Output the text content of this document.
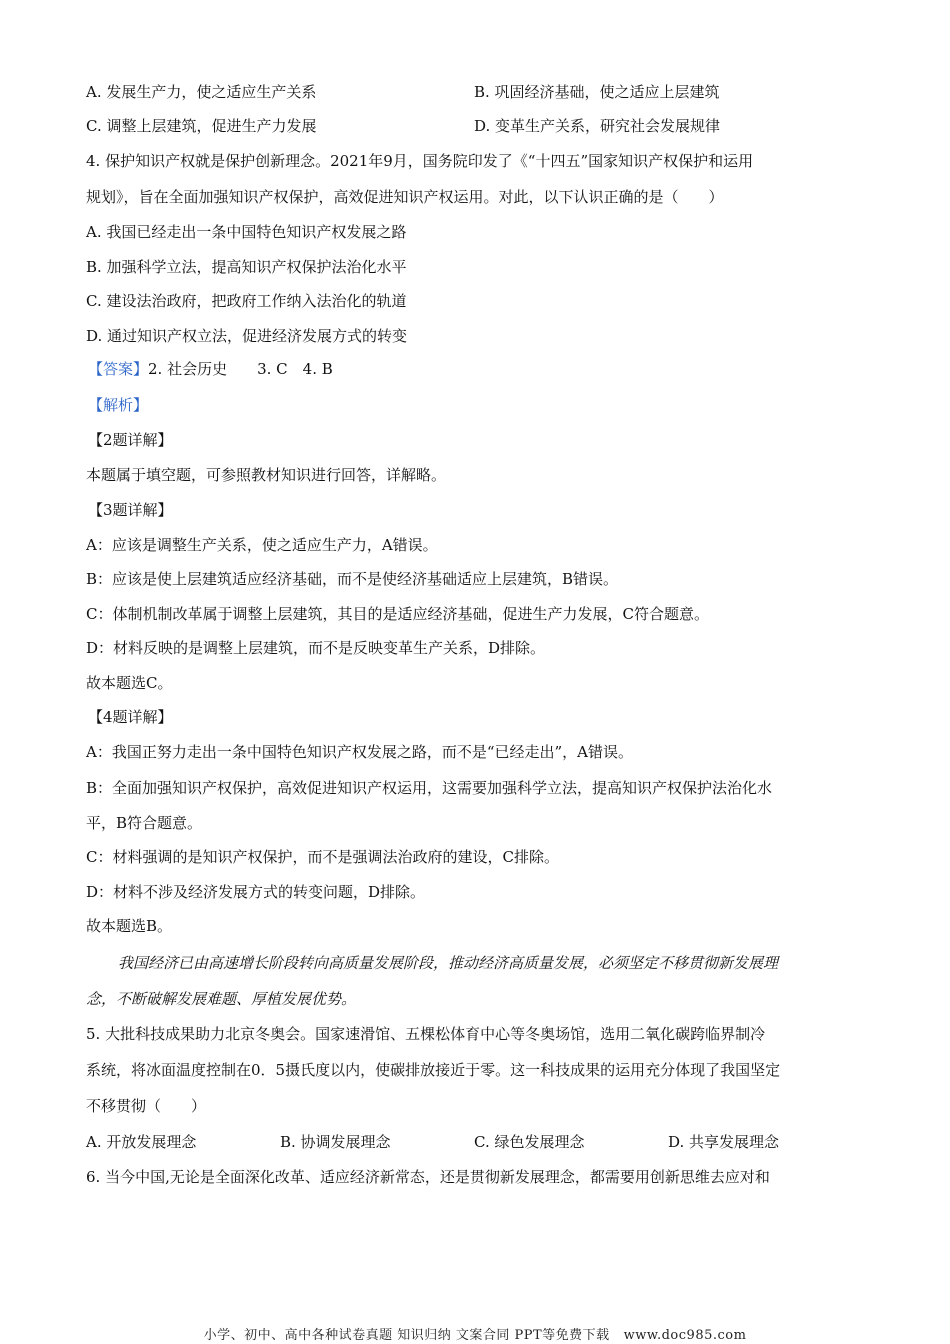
A. 发展生产力，使之适应生产关系	B. 巩固经济基础，使之适应上层建筑
C. 调整上层建筑，促进生产力发展	D. 变革生产关系，研究社会发展规律
4. 保护知识产权就是保护创新理念。2021年9月，国务院印发了《“十四五”国家知识产权保护和运用
规划》，旨在全面加强知识产权保护，高效促进知识产权运用。对此，以下认识正确的是（　　）
A. 我国已经走出一条中国特色知识产权发展之路
B. 加强科学立法，提高知识产权保护法治化水平
C. 建设法治政府，把政府工作纳入法治化的轨道
D. 通过知识产权立法，促进经济发展方式的转变
【答案】2. 社会历史　　3. C　4. B
【解析】
【2题详解】
本题属于填空题，可参照教材知识进行回答，详解略。
【3题详解】
A：应该是调整生产关系，使之适应生产力，A错误。
B：应该是使上层建筑适应经济基础，而不是使经济基础适应上层建筑，B错误。
C：体制机制改革属于调整上层建筑，其目的是适应经济基础，促进生产力发展，C符合题意。
D：材料反映的是调整上层建筑，而不是反映变革生产关系，D排除。
故本题选C。
【4题详解】
A：我国正努力走出一条中国特色知识产权发展之路，而不是“已经走出”，A错误。
B：全面加强知识产权保护，高效促进知识产权运用，这需要加强科学立法，提高知识产权保护法治化水
平，B符合题意。
C：材料强调的是知识产权保护，而不是强调法治政府的建设，C排除。
D：材料不涉及经济发展方式的转变问题，D排除。
故本题选B。
我国经济已由高速增长阶段转向高质量发展阶段，推动经济高质量发展，必须坚定不移贯彻新发展理
念，不断破解发展难题、厚植发展优势。
5. 大批科技成果助力北京冬奥会。国家速滑馆、五棵松体育中心等冬奥场馆，选用二氧化碳跨临界制冷
系统，将冰面温度控制在0．5摄氏度以内，使碳排放接近于零。这一科技成果的运用充分体现了我国坚定
不移贯彻（　　）
A. 开放发展理念	B. 协调发展理念	C. 绿色发展理念	D. 共享发展理念
6. 当今中国,无论是全面深化改革、适应经济新常态，还是贯彻新发展理念，都需要用创新思维去应对和
小学、初中、高中各种试卷真题 知识归纳 文案合同 PPT等免费下载 www.doc985.com
